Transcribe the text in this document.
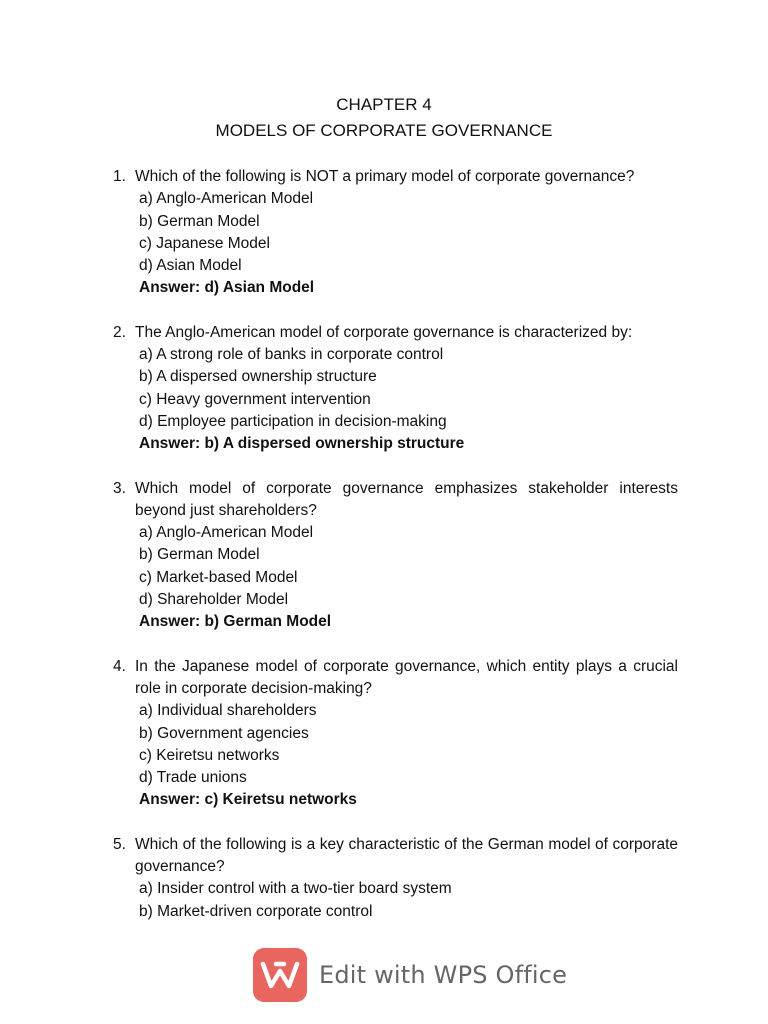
CHAPTER 4
MODELS OF CORPORATE GOVERNANCE
1. Which of the following is NOT a primary model of corporate governance?
a) Anglo-American Model
b) German Model
c) Japanese Model
d) Asian Model
Answer: d) Asian Model
2. The Anglo-American model of corporate governance is characterized by:
a) A strong role of banks in corporate control
b) A dispersed ownership structure
c) Heavy government intervention
d) Employee participation in decision-making
Answer: b) A dispersed ownership structure
3. Which model of corporate governance emphasizes stakeholder interests beyond just shareholders?
a) Anglo-American Model
b) German Model
c) Market-based Model
d) Shareholder Model
Answer: b) German Model
4. In the Japanese model of corporate governance, which entity plays a crucial role in corporate decision-making?
a) Individual shareholders
b) Government agencies
c) Keiretsu networks
d) Trade unions
Answer: c) Keiretsu networks
5. Which of the following is a key characteristic of the German model of corporate governance?
a) Insider control with a two-tier board system
b) Market-driven corporate control
Edit with WPS Office
